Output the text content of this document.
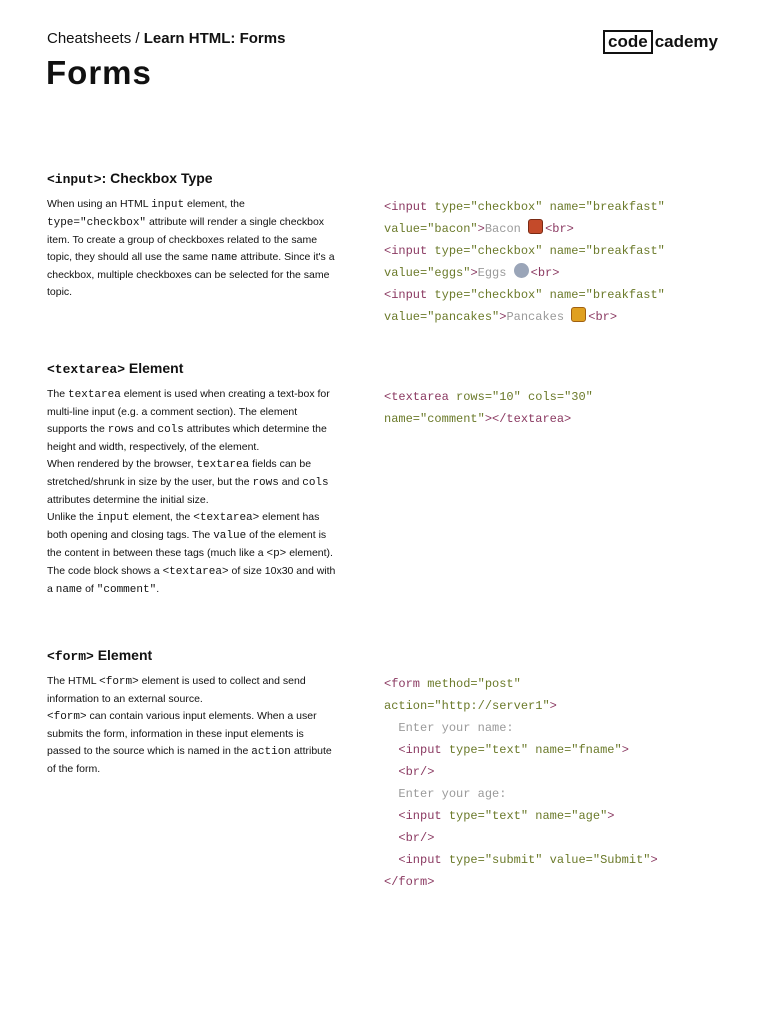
Cheatsheets / Learn HTML: Forms	code cademy
Forms
<input>: Checkbox Type

When using an HTML input element, the type="checkbox" attribute will render a single checkbox item. To create a group of checkboxes related to the same topic, they should all use the same name attribute. Since it's a checkbox, multiple checkboxes can be selected for the same topic.

<input type="checkbox" name="breakfast"
value="bacon">Bacon <br>
<input type="checkbox" name="breakfast"
value="eggs">Eggs <br>
<input type="checkbox" name="breakfast"
value="pancakes">Pancakes <br>
<textarea> Element

The textarea element is used when creating a text-box for multi-line input (e.g. a comment section). The element supports the rows and cols attributes which determine the height and width, respectively, of the element.

When rendered by the browser, textarea fields can be stretched/shrunk in size by the user, but the rows and cols attributes determine the initial size.

Unlike the input element, the <textarea> element has both opening and closing tags. The value of the element is the content in between these tags (much like a <p> element). The code block shows a <textarea> of size 10x30 and with a name of "comment".

<textarea rows="10" cols="30"
name="comment"></textarea>
<form> Element

The HTML <form> element is used to collect and send information to an external source.

<form> can contain various input elements. When a user submits the form, information in these input elements is passed to the source which is named in the action attribute of the form.

<form method="post"
action="http://server1">
Enter your name:
<input type="text" name="fname">
<br/>
Enter your age:
<input type="text" name="age">
<br/>
<input type="submit" value="Submit">
</form>
